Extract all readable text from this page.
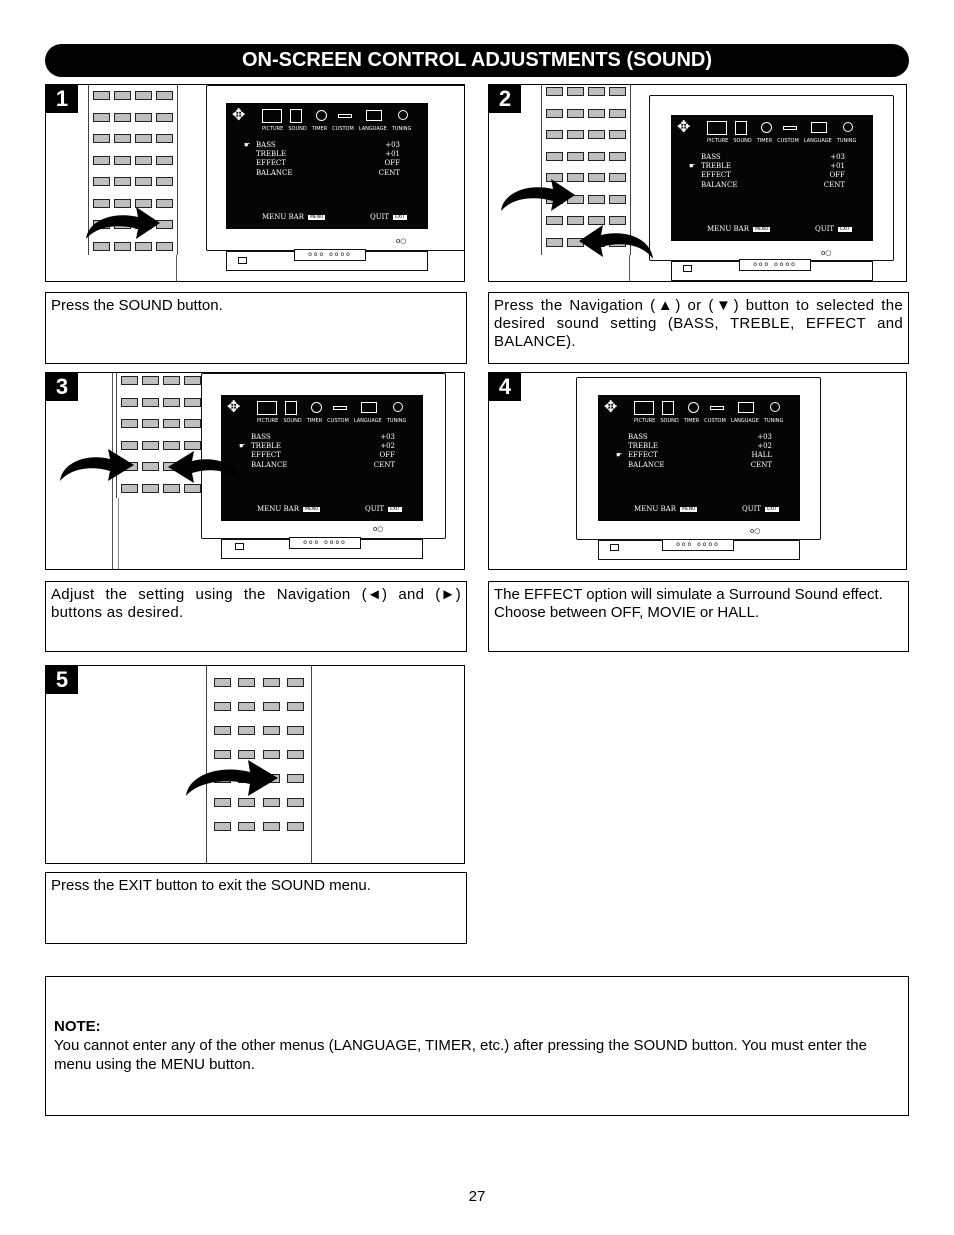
ON-SCREEN CONTROL ADJUSTMENTS (SOUND)
1
✥
PICTURE SOUND TIMER CUSTOM LANGUAGE TUNING
☛ BASS	+03
TREBLE	+01
EFFECT	OFF
BALANCE	CENT
MENU BAR MENU	QUIT EXIT
ooo oooo
o○
2
✥
PICTURE SOUND TIMER CUSTOM LANGUAGE TUNING
BASS	+03
☛ TREBLE	+01
EFFECT	OFF
BALANCE	CENT
MENU BAR MENU	QUIT EXIT
ooo oooo
o○
Press the SOUND button.	Press the Navigation (▲) or (▼) button to selected the desired sound setting (BASS, TREBLE, EFFECT and BALANCE).
3
✥
PICTURE SOUND TIMER CUSTOM LANGUAGE TUNING
BASS	+03
☛ TREBLE	+02
EFFECT	OFF
BALANCE	CENT
MENU BAR MENU	QUIT EXIT
ooo oooo
o○
4
✥
PICTURE SOUND TIMER CUSTOM LANGUAGE TUNING
BASS	+03
TREBLE	+02
☛ EFFECT	HALL
BALANCE	CENT
MENU BAR MENU	QUIT EXIT
ooo oooo
o○
Adjust the setting using the Navigation (◄) and (►) buttons as desired.
The EFFECT option will simulate a Surround Sound effect. Choose between OFF, MOVIE or HALL.
5
Press the EXIT button to exit the SOUND menu.
NOTE:
You cannot enter any of the other menus (LANGUAGE, TIMER, etc.) after pressing the SOUND button. You must enter the menu using the MENU button.
27
